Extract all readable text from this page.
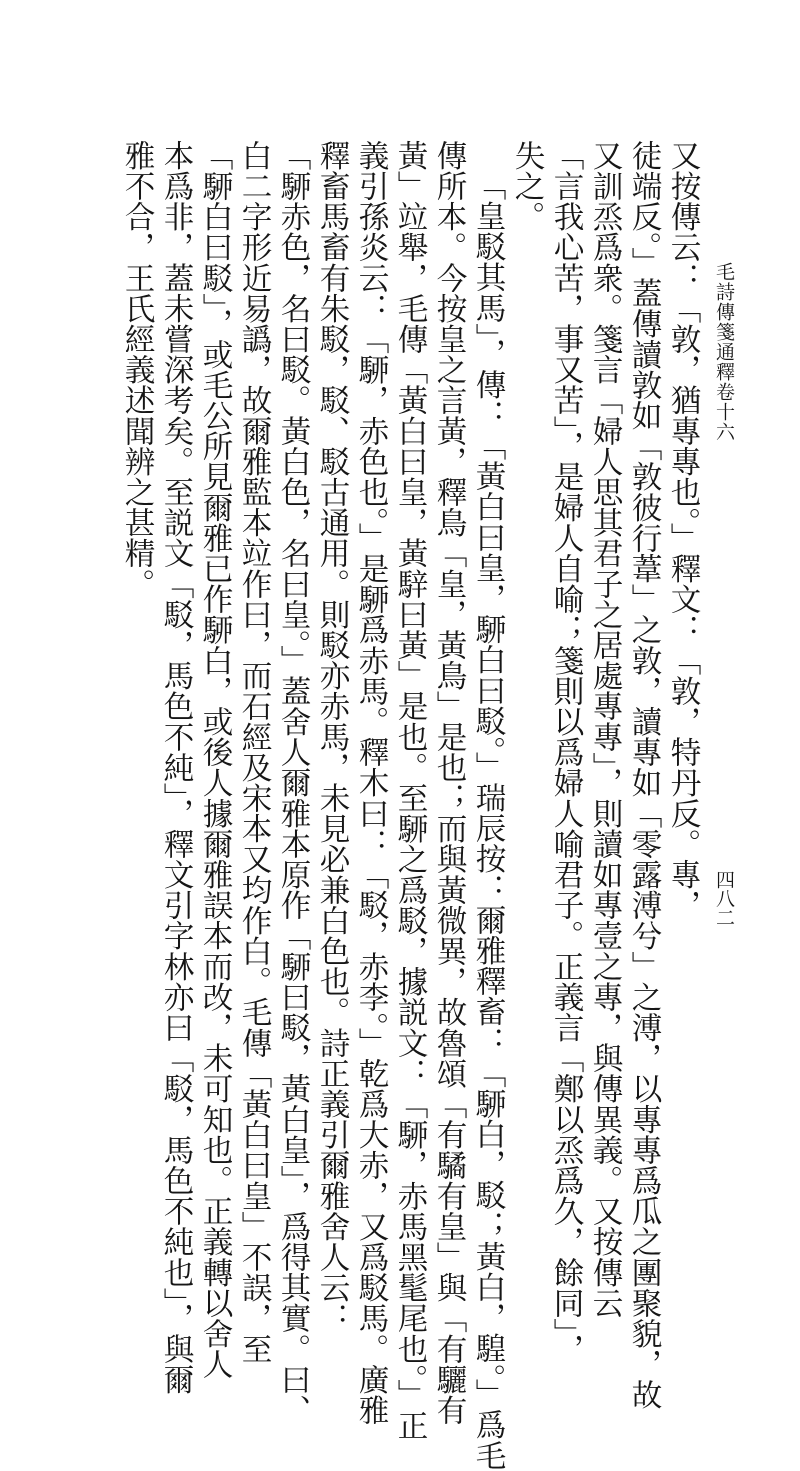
毛詩傳箋通釋卷十六
四八二
又按傳云：「敦，猶專專也。」釋文：「敦，特丹反。專，
徒端反。」蓋傳讀敦如「敦彼行葦」之敦，讀專如「零露溥兮」之溥，以專專爲瓜之團聚貌，故
又訓烝爲衆。箋言「婦人思其君子之居處專專」，則讀如專壹之專，與傳異義。又按傳云
「言我心苦，事又苦」，是婦人自喻；箋則以爲婦人喻君子。正義言「鄭以烝爲久，餘同」，
失之。
「皇駁其馬」，傳：「黃白曰皇，駵白曰駁。」瑞辰按：爾雅釋畜：「駵白，駁；黃白，騜。」爲毛
傳所本。今按皇之言黃，釋鳥「皇，黃鳥」是也；而與黃微異，故魯頌「有驈有皇」與「有驪有
黃」竝舉，毛傳「黃白曰皇，黃騂曰黃」是也。至駵之爲駁，據説文：「駵，赤馬黑髦尾也。」正
義引孫炎云：「駵，赤色也。」是駵爲赤馬。釋木曰：「駁，赤李。」乾爲大赤，又爲駁馬。廣雅
釋畜馬畜有朱駁，駁、駁古通用。則駁亦赤馬，未見必兼白色也。詩正義引爾雅舍人云：
「駵赤色，名曰駁。黃白色，名曰皇。」蓋舍人爾雅本原作「駵曰駁，黃白皇」，爲得其實。曰、
白二字形近易譌，故爾雅監本竝作曰，而石經及宋本又均作白。毛傳「黃白曰皇」不誤，至
「駵白曰駁」，或毛公所見爾雅已作駵白，或後人據爾雅誤本而改，未可知也。正義轉以舍人
本爲非，蓋未嘗深考矣。至説文「駁，馬色不純」，釋文引字林亦曰「駁，馬色不純也」，與爾
雅不合，王氏經義述聞辨之甚精。
